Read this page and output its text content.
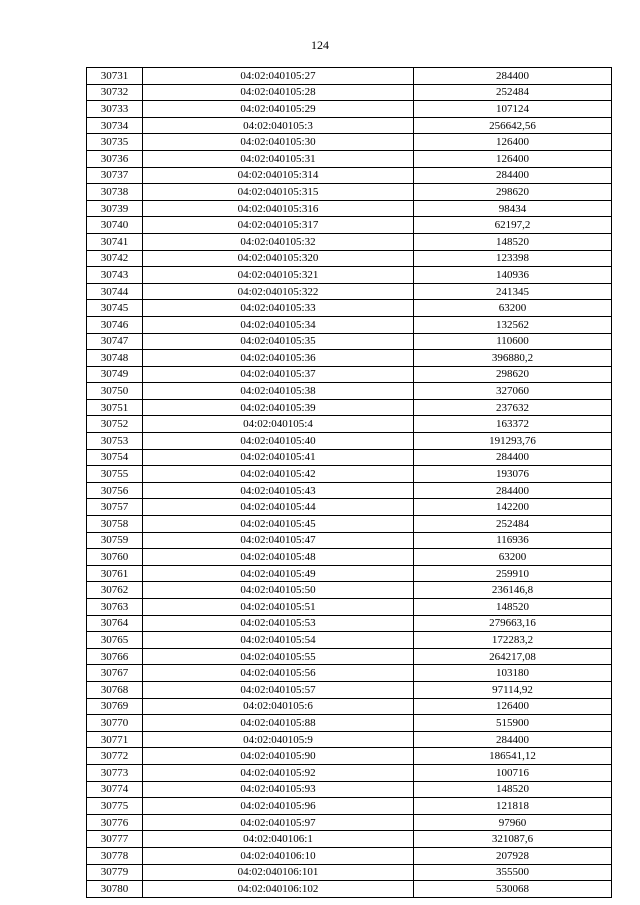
124
30731	04:02:040105:27	284400
30732	04:02:040105:28	252484
30733	04:02:040105:29	107124
30734	04:02:040105:3	256642,56
30735	04:02:040105:30	126400
30736	04:02:040105:31	126400
30737	04:02:040105:314	284400
30738	04:02:040105:315	298620
30739	04:02:040105:316	98434
30740	04:02:040105:317	62197,2
30741	04:02:040105:32	148520
30742	04:02:040105:320	123398
30743	04:02:040105:321	140936
30744	04:02:040105:322	241345
30745	04:02:040105:33	63200
30746	04:02:040105:34	132562
30747	04:02:040105:35	110600
30748	04:02:040105:36	396880,2
30749	04:02:040105:37	298620
30750	04:02:040105:38	327060
30751	04:02:040105:39	237632
30752	04:02:040105:4	163372
30753	04:02:040105:40	191293,76
30754	04:02:040105:41	284400
30755	04:02:040105:42	193076
30756	04:02:040105:43	284400
30757	04:02:040105:44	142200
30758	04:02:040105:45	252484
30759	04:02:040105:47	116936
30760	04:02:040105:48	63200
30761	04:02:040105:49	259910
30762	04:02:040105:50	236146,8
30763	04:02:040105:51	148520
30764	04:02:040105:53	279663,16
30765	04:02:040105:54	172283,2
30766	04:02:040105:55	264217,08
30767	04:02:040105:56	103180
30768	04:02:040105:57	97114,92
30769	04:02:040105:6	126400
30770	04:02:040105:88	515900
30771	04:02:040105:9	284400
30772	04:02:040105:90	186541,12
30773	04:02:040105:92	100716
30774	04:02:040105:93	148520
30775	04:02:040105:96	121818
30776	04:02:040105:97	97960
30777	04:02:040106:1	321087,6
30778	04:02:040106:10	207928
30779	04:02:040106:101	355500
30780	04:02:040106:102	530068
